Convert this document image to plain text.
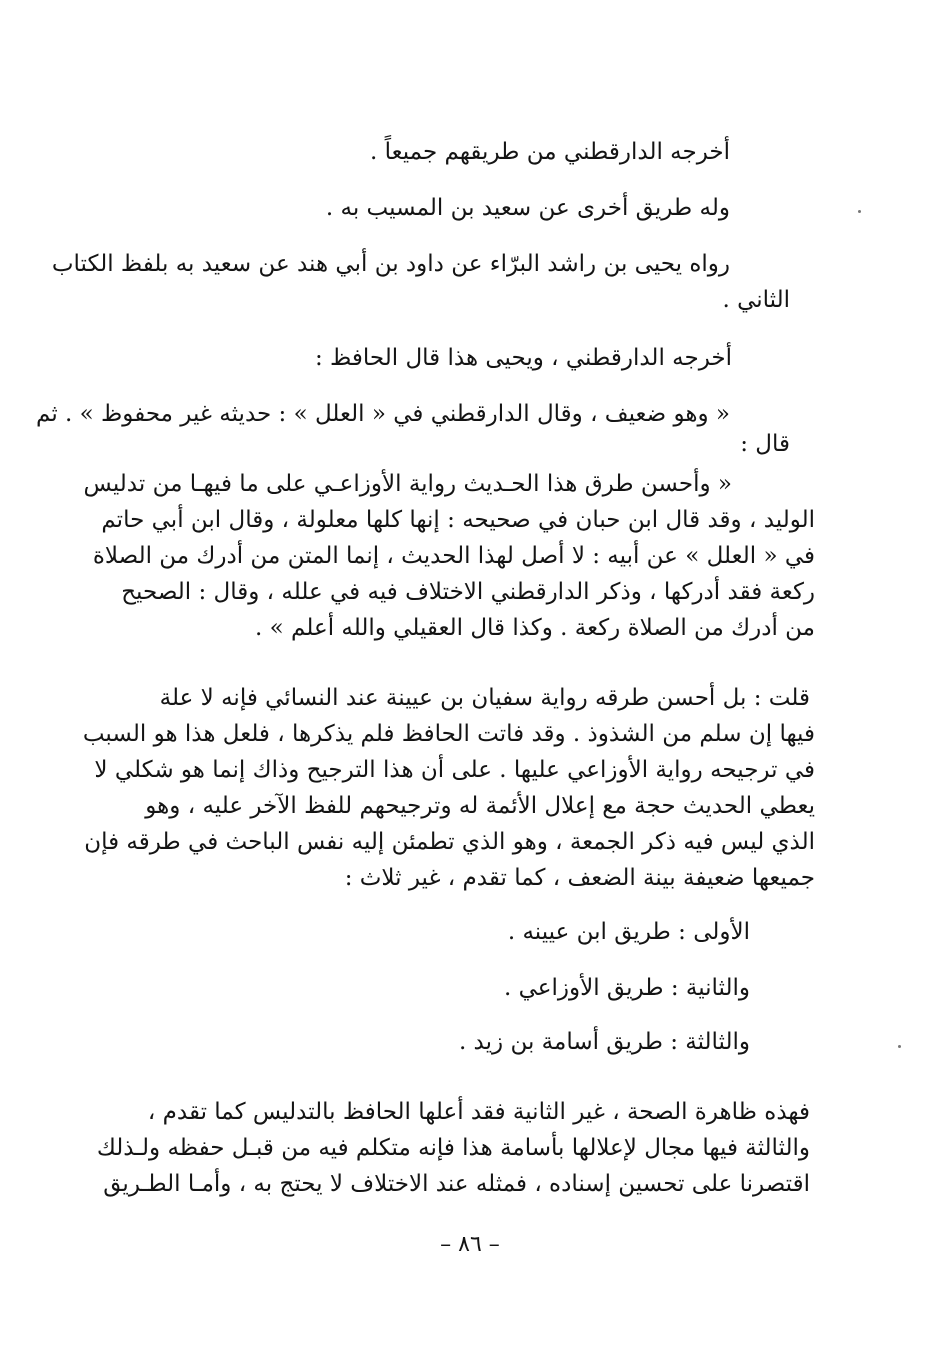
أخرجه الدارقطني من طريقهم جميعاً .
وله طريق أخرى عن سعيد بن المسيب به .
رواه يحيى بن راشد البرّاء عن داود بن أبي هند عن سعيد به بلفظ الكتاب
الثاني .
أخرجه الدارقطني ، ويحيى هذا قال الحافظ :
« وهو ضعيف ، وقال الدارقطني في « العلل » : حديثه غير محفوظ » . ثم
قال :
« وأحسن طرق هذا الحـديث رواية الأوزاعـي على ما فيهـا من تدليس
الوليد ، وقد قال ابن حبان في صحيحه : إنها كلها معلولة ، وقال ابن أبي حاتم
في « العلل » عن أبيه : لا أصل لهذا الحديث ، إنما المتن من أدرك من الصلاة
ركعة فقد أدركها ، وذكر الدارقطني الاختلاف فيه في علله ، وقال : الصحيح
من أدرك من الصلاة ركعة . وكذا قال العقيلي والله أعلم » .
قلت : بل أحسن طرقه رواية سفيان بن عيينة عند النسائي فإنه لا علة
فيها إن سلم من الشذوذ . وقد فاتت الحافظ فلم يذكرها ، فلعل هذا هو السبب
في ترجيحه رواية الأوزاعي عليها . على أن هذا الترجيح وذاك إنما هو شكلي لا
يعطي الحديث حجة مع إعلال الأئمة له وترجيحهم للفظ الآخر عليه ، وهو
الذي ليس فيه ذكر الجمعة ، وهو الذي تطمئن إليه نفس الباحث في طرقه فإن
جميعها ضعيفة بينة الضعف ، كما تقدم ، غير ثلاث :
الأولى : طريق ابن عيينه .
والثانية : طريق الأوزاعي .
والثالثة : طريق أسامة بن زيد .
فهذه ظاهرة الصحة ، غير الثانية فقد أعلها الحافظ بالتدليس كما تقدم ،
والثالثة فيها مجال لإعلالها بأسامة هذا فإنه متكلم فيه من قبـل حفظه ولـذلك
اقتصرنا على تحسين إسناده ، فمثله عند الاختلاف لا يحتج به ، وأمـا الطـريق
– ٨٦ –
